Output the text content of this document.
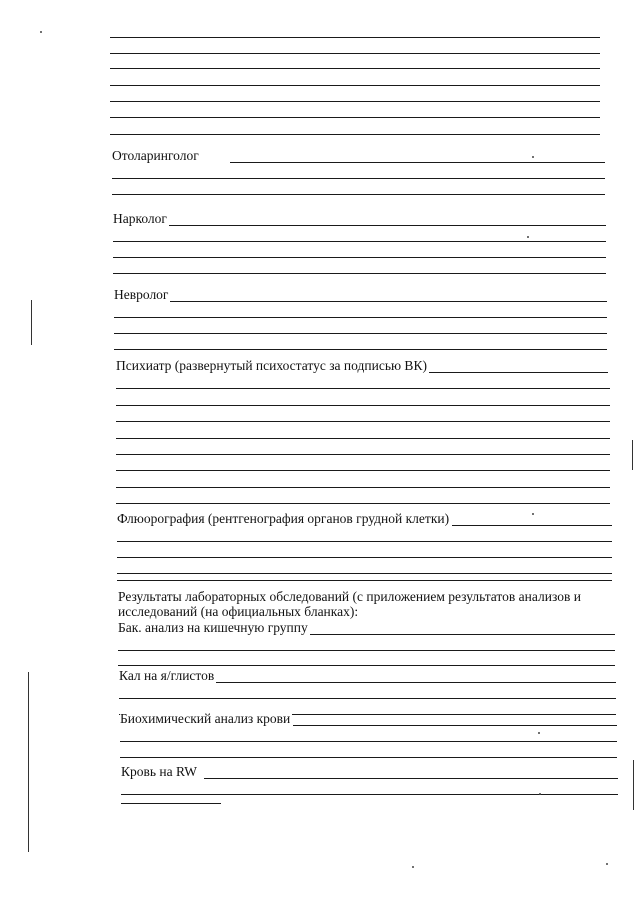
Отоларинголог
Нарколог
Невролог
Психиатр (развернутый психостатус за подписью ВК)
Флюорография (рентгенография органов грудной клетки)
Результаты лабораторных обследований (с приложением результатов анализов и исследований (на официальных бланках):
Бак. анализ на кишечную группу
Кал на я/глистов
Биохимический анализ крови
Кровь на RW
